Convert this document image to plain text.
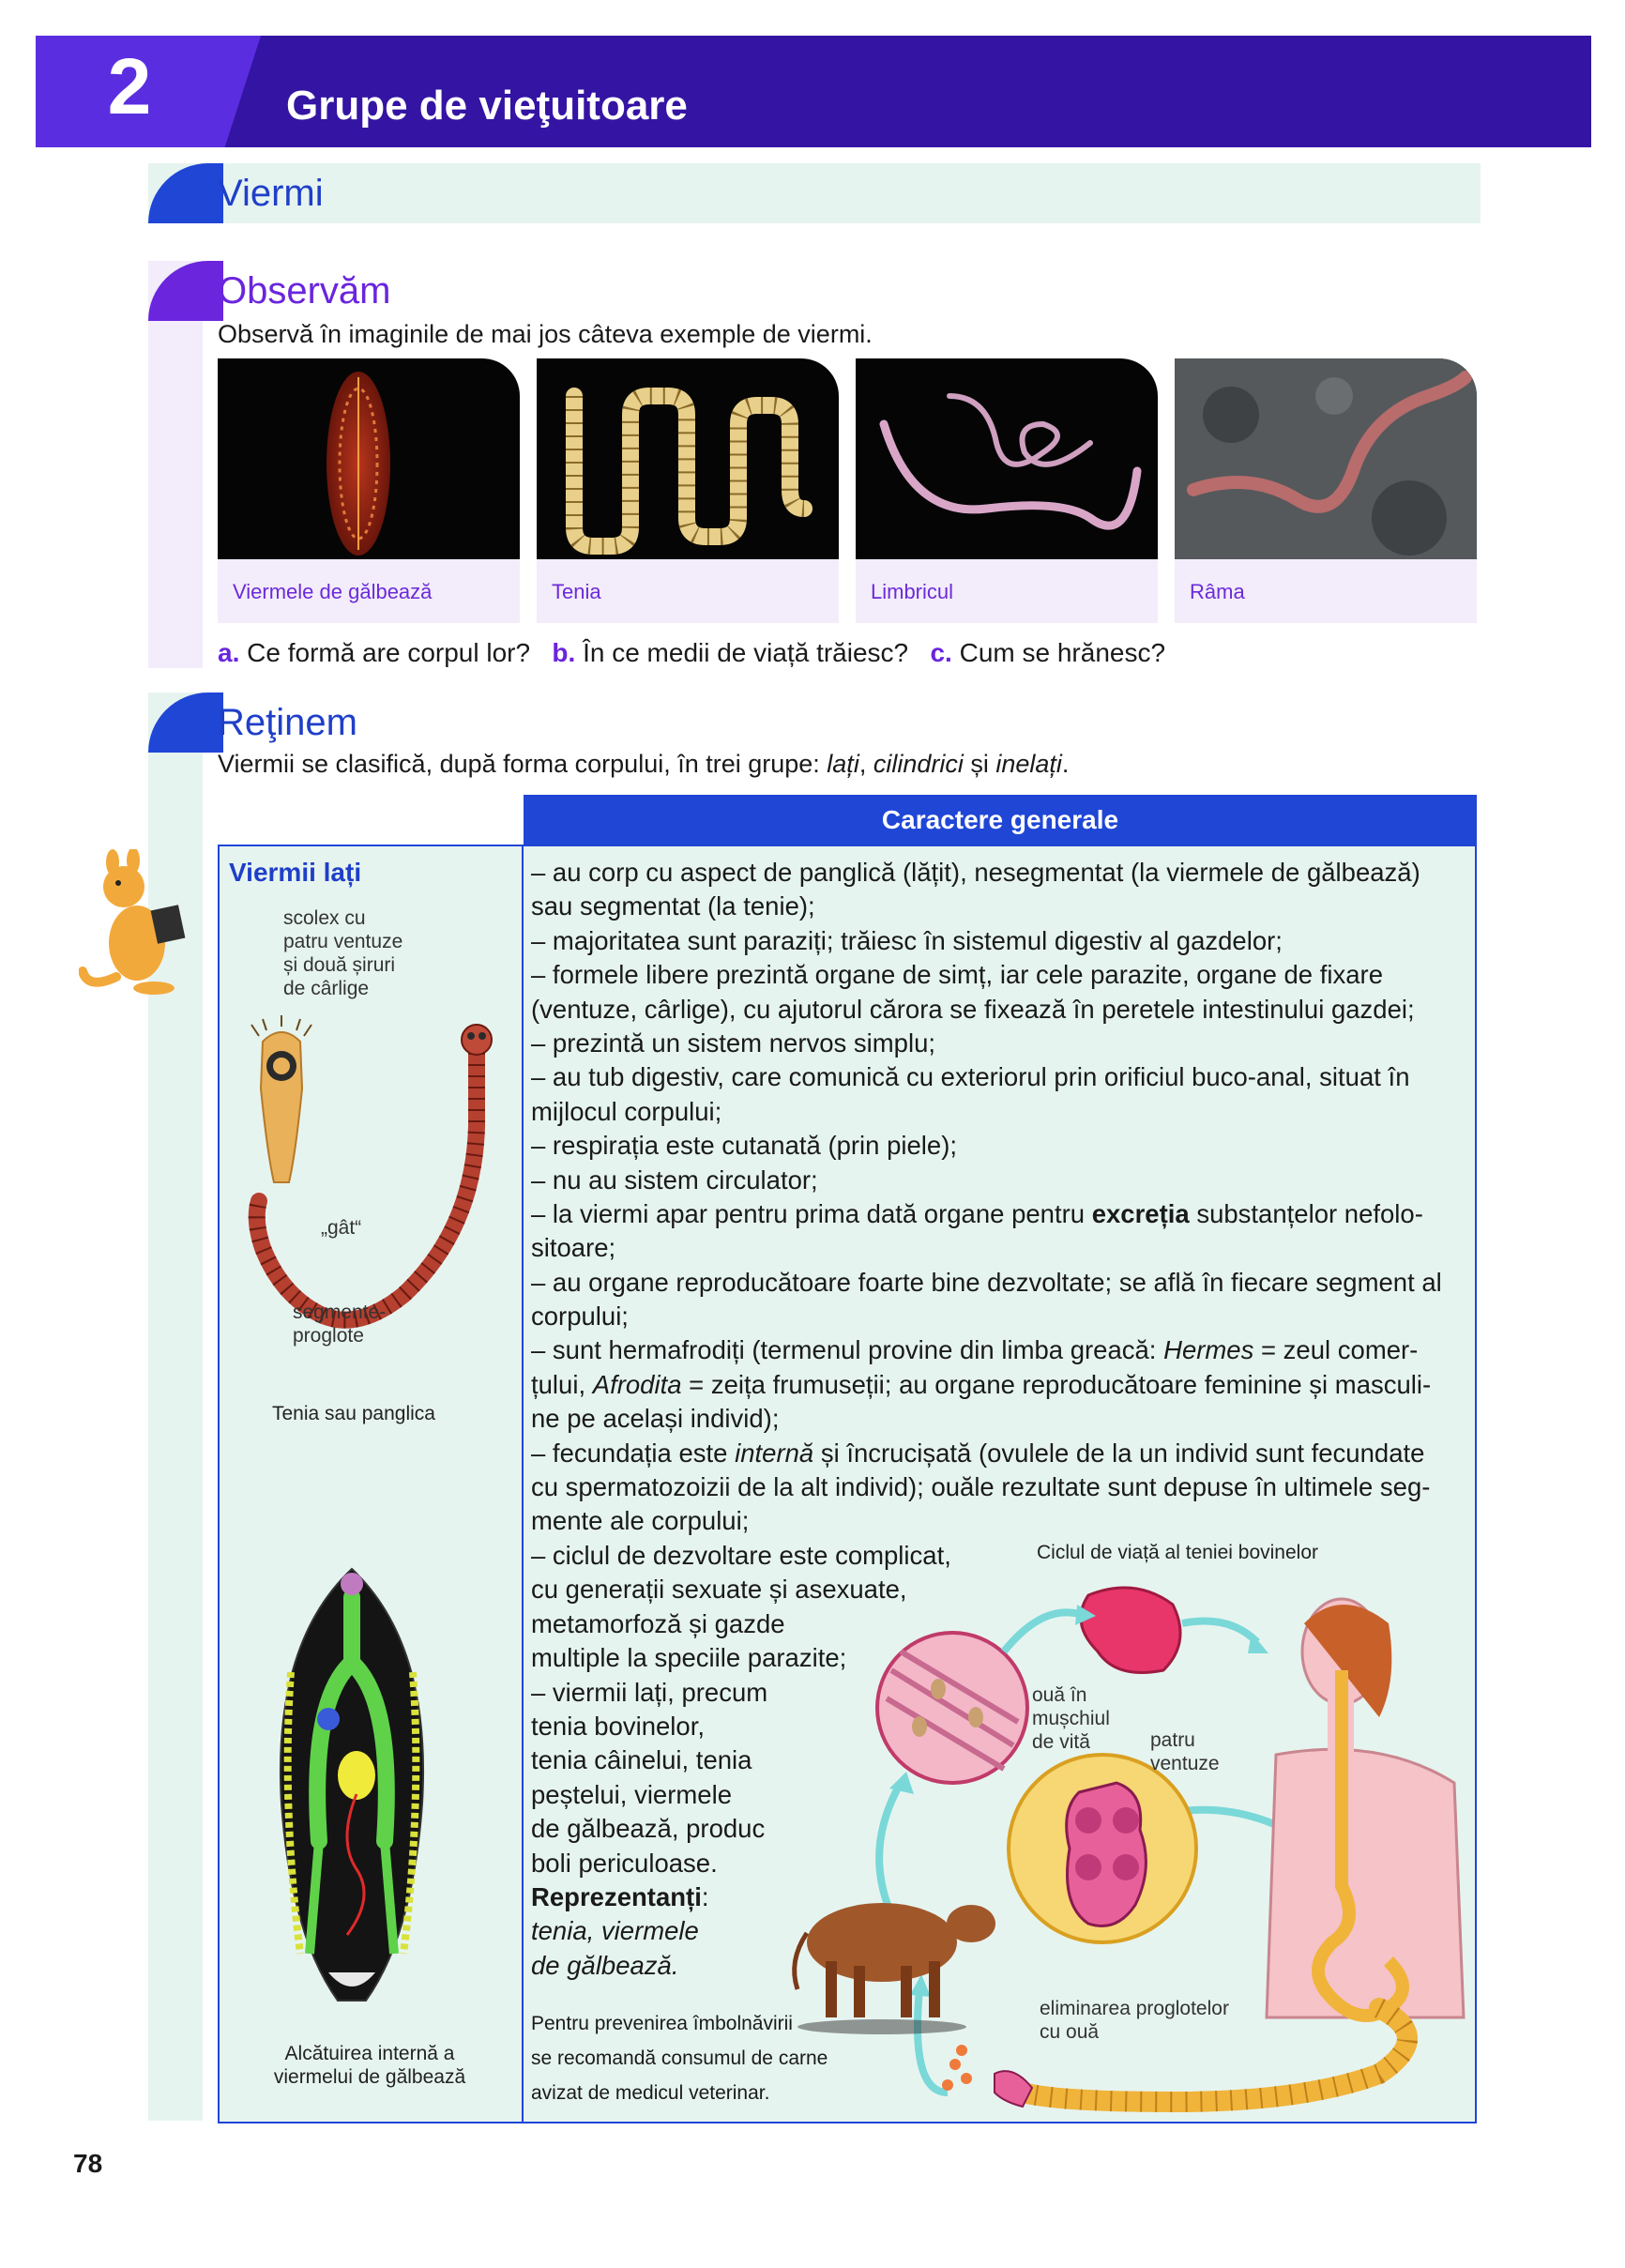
2	Grupe de vieţuitoare
Viermi
Observăm
Observă în imaginile de mai jos câteva exemple de viermi.
Viermele de gălbează	Tenia	Limbricul	Râma
a. Ce formă are corpul lor? b. În ce medii de viață trăiesc? c. Cum se hrănesc?
Reţinem
Viermii se clasifică, după forma corpului, în trei grupe: lați, cilindrici și inelați.
Caractere generale
Viermii lați
scolex cu
patru ventuze
și două șiruri
de cârlige
„gât“
segmente-
proglote
Tenia sau panglica
Alcătuirea internă a
viermelui de gălbează
– au corp cu aspect de panglică (lățit), nesegmentat (la viermele de gălbează)
sau segmentat (la tenie);
– majoritatea sunt paraziți; trăiesc în sistemul digestiv al gazdelor;
– formele libere prezintă organe de simț, iar cele parazite, organe de fixare
(ventuze, cârlige), cu ajutorul cărora se fixează în peretele intestinului gazdei;
– prezintă un sistem nervos simplu;
– au tub digestiv, care comunică cu exteriorul prin orificiul buco-anal, situat în
mijlocul corpului;
– respirația este cutanată (prin piele);
– nu au sistem circulator;
– la viermi apar pentru prima dată organe pentru excreția substanțelor nefolo-
sitoare;
– au organe reproducătoare foarte bine dezvoltate; se află în fiecare segment al
corpului;
– sunt hermafrodiți (termenul provine din limba greacă: Hermes = zeul comer-
țului, Afrodita = zeița frumuseții; au organe reproducătoare feminine și masculi-
ne pe același individ);
– fecundația este internă și încrucișată (ovulele de la un individ sunt fecundate
cu spermatozoizii de la alt individ); ouăle rezultate sunt depuse în ultimele seg-
mente ale corpului;
– ciclul de dezvoltare este complicat,
cu generații sexuate și asexuate,
metamorfoză și gazde
multiple la speciile parazite;
– viermii lați, precum
tenia bovinelor,
tenia câinelui, tenia
peștelui, viermele
de gălbează, produc
boli periculoase.
Reprezentanți:
tenia, viermele
de gălbează.
Pentru prevenirea îmbolnăvirii
se recomandă consumul de carne
avizat de medicul veterinar.
Ciclul de viață al teniei bovinelor
ouă în
mușchiul
de vită	patru
ventuze
eliminarea proglotelor
cu ouă
78
